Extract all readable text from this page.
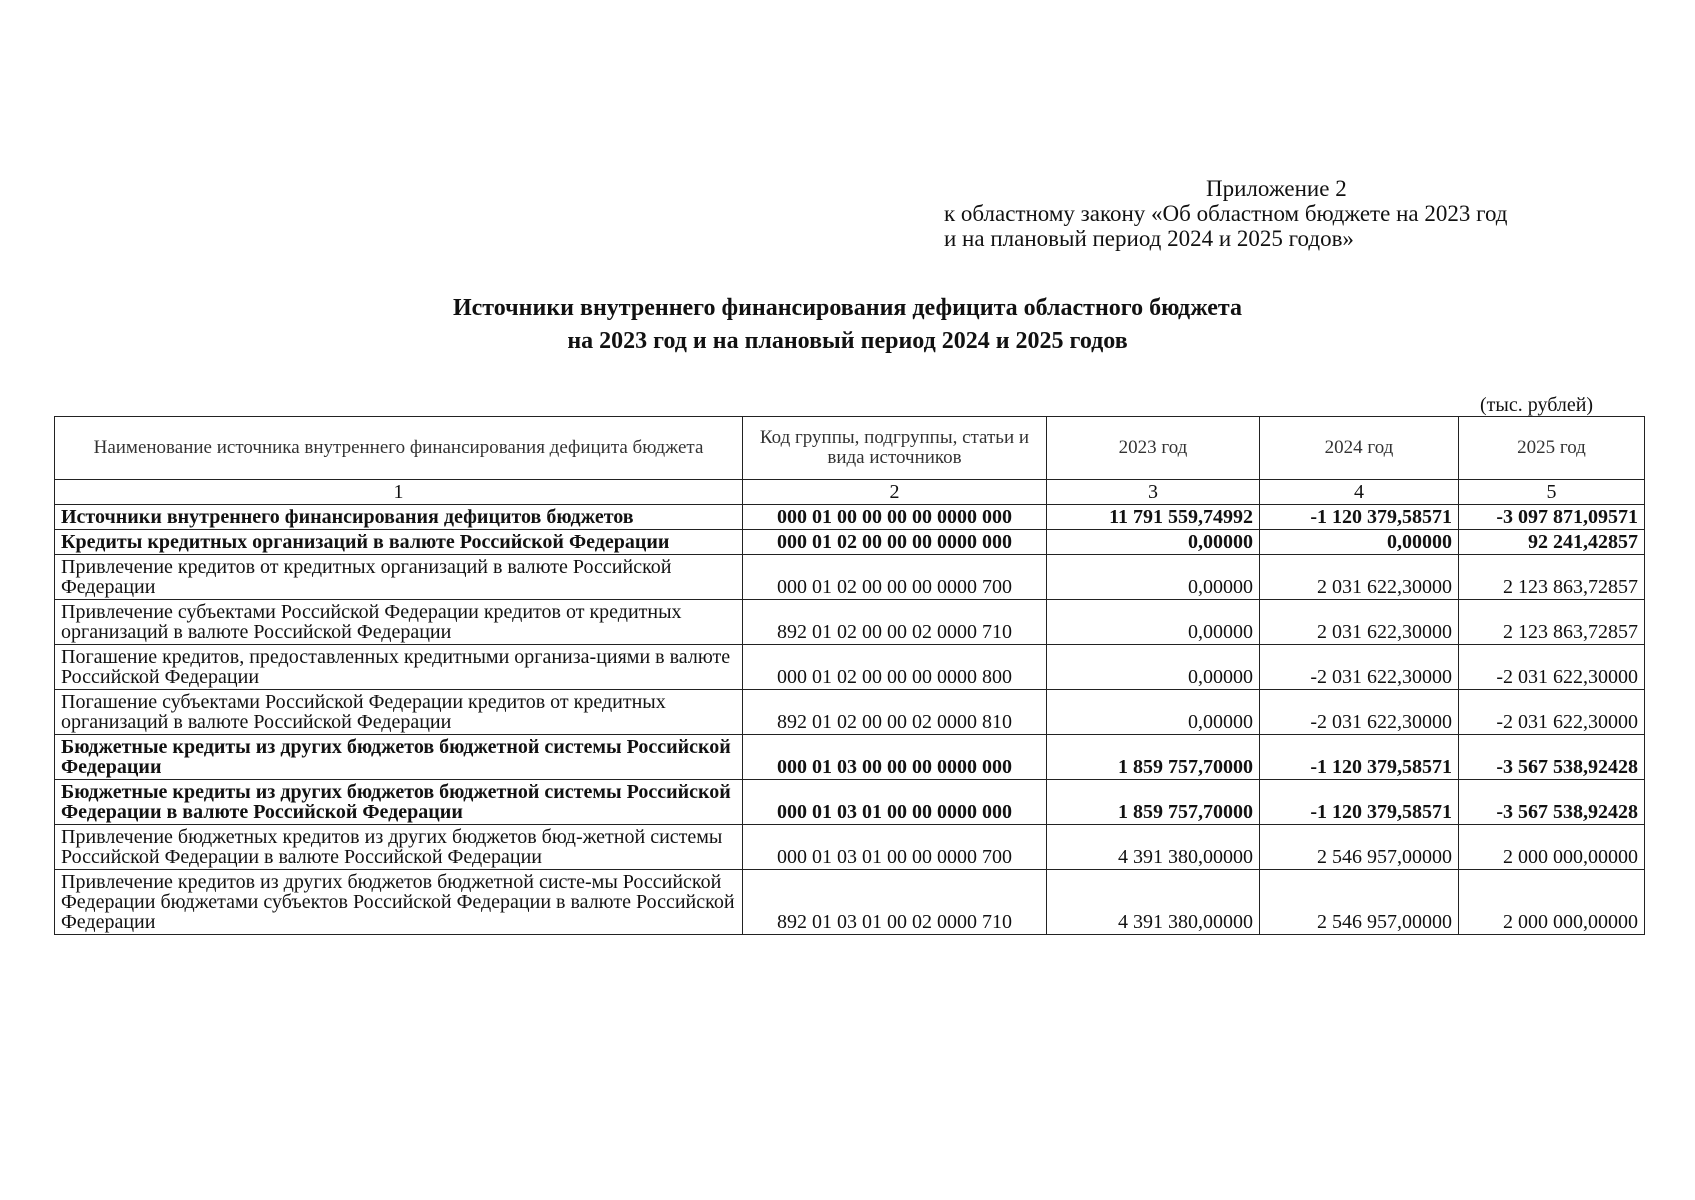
Приложение 2
к областному закону «Об областном бюджете на 2023 год
и на плановый период 2024 и 2025 годов»
Источники внутреннего финансирования дефицита областного бюджета
на 2023 год и на плановый период 2024 и 2025 годов
(тыс. рублей)
Наименование источника внутреннего финансирования дефицита бюджета	Код группы, подгруппы, статьи и вида источников	2023 год	2024 год	2025 год
1	2	3	4	5
Источники внутреннего финансирования дефицитов бюджетов	000 01 00 00 00 00 0000 000	11 791 559,74992	-1 120 379,58571	-3 097 871,09571
Кредиты кредитных организаций в валюте Российской Федерации	000 01 02 00 00 00 0000 000	0,00000	0,00000	92 241,42857
Привлечение кредитов от кредитных организаций в валюте Российской Федерации	000 01 02 00 00 00 0000 700	0,00000	2 031 622,30000	2 123 863,72857
Привлечение субъектами Российской Федерации кредитов от кредитных организаций в валюте Российской Федерации	892 01 02 00 00 02 0000 710	0,00000	2 031 622,30000	2 123 863,72857
Погашение кредитов, предоставленных кредитными организа-циями в валюте Российской Федерации	000 01 02 00 00 00 0000 800	0,00000	-2 031 622,30000	-2 031 622,30000
Погашение субъектами Российской Федерации кредитов от кредитных организаций в валюте Российской Федерации	892 01 02 00 00 02 0000 810	0,00000	-2 031 622,30000	-2 031 622,30000
Бюджетные кредиты из других бюджетов бюджетной системы Российской Федерации	000 01 03 00 00 00 0000 000	1 859 757,70000	-1 120 379,58571	-3 567 538,92428
Бюджетные кредиты из других бюджетов бюджетной системы Российской Федерации в валюте Российской Федерации	000 01 03 01 00 00 0000 000	1 859 757,70000	-1 120 379,58571	-3 567 538,92428
Привлечение бюджетных кредитов из других бюджетов бюд-жетной системы Российской Федерации в валюте Российской Федерации	000 01 03 01 00 00 0000 700	4 391 380,00000	2 546 957,00000	2 000 000,00000
Привлечение кредитов из других бюджетов бюджетной систе-мы Российской Федерации бюджетами субъектов Российской Федерации в валюте Российской Федерации	892 01 03 01 00 02 0000 710	4 391 380,00000	2 546 957,00000	2 000 000,00000
